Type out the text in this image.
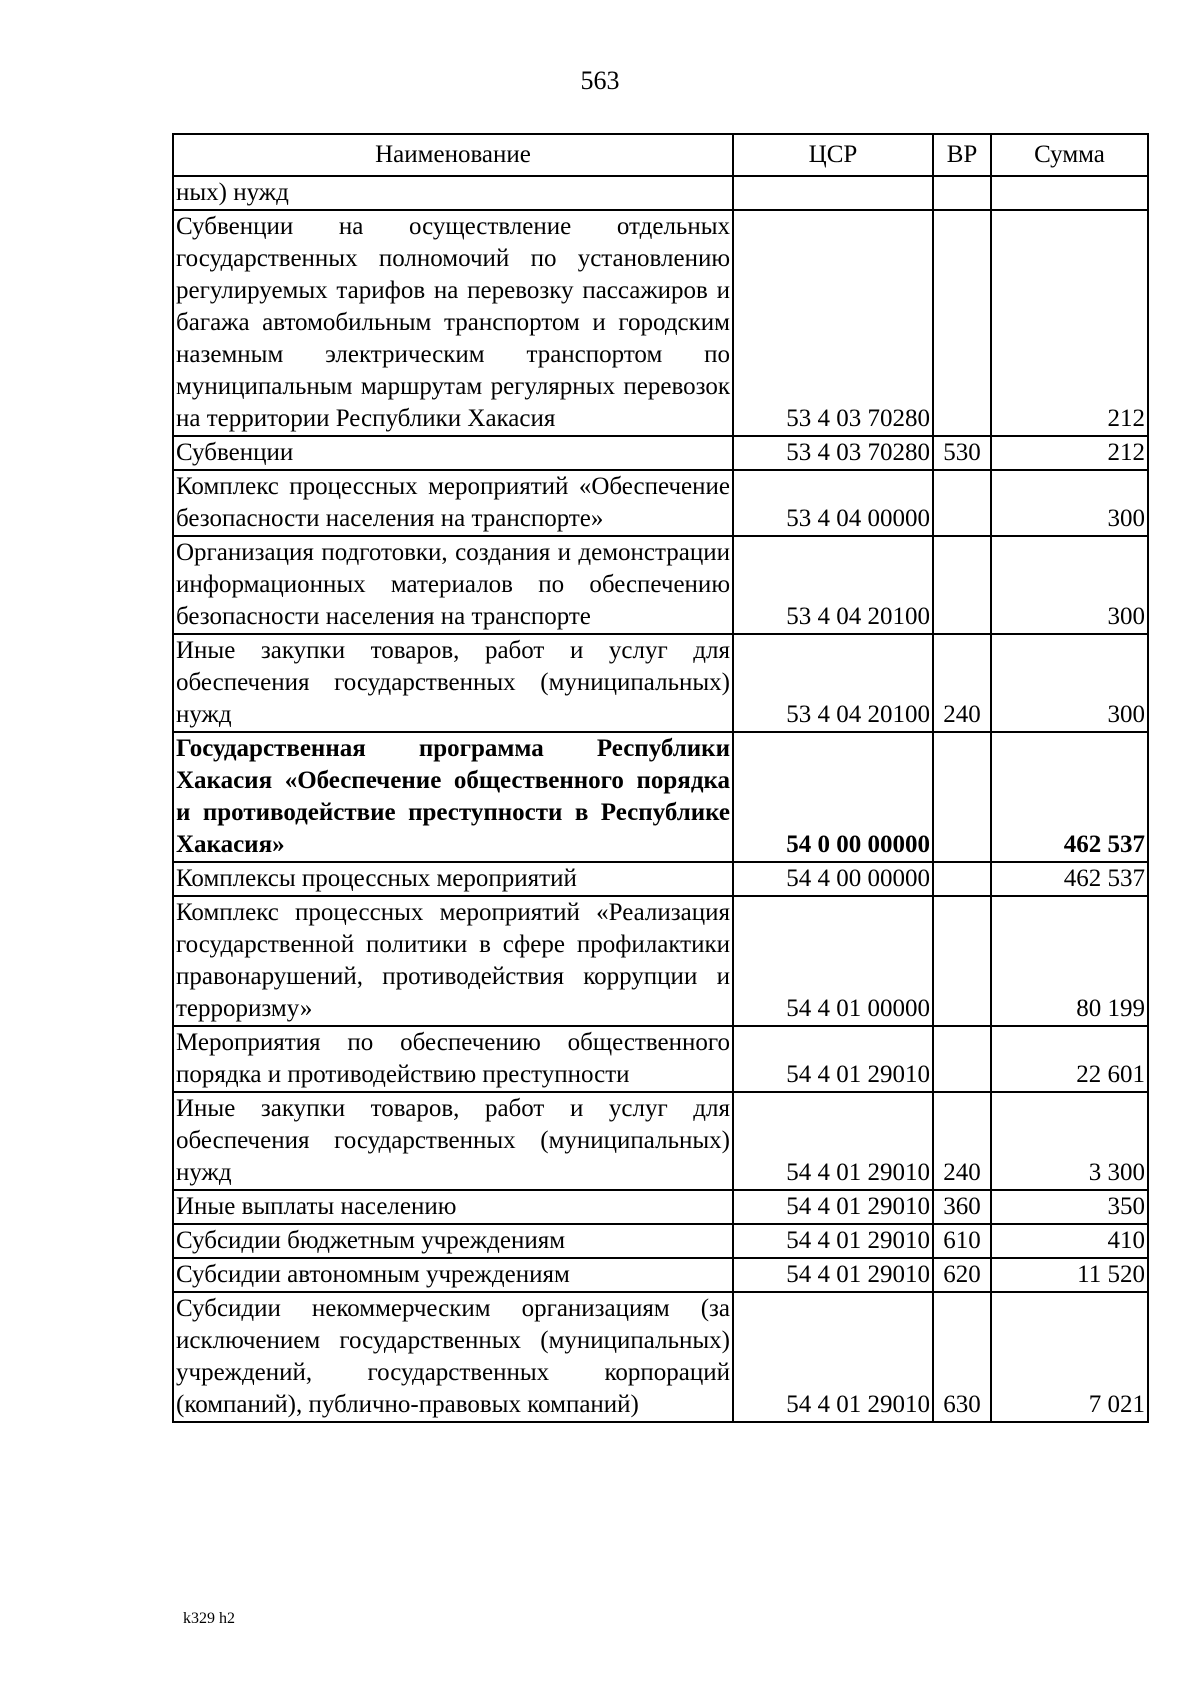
563
Наименование	ЦСР	ВР	Сумма
ных) нужд			
Субвенции на осуществление отдельных государственных полномочий по установлению регулируемых тарифов на перевозку пассажиров и багажа автомобильным транспортом и городским наземным электрическим транспортом по муниципальным маршрутам регулярных перевозок на территории Республики Хакасия	53 4 03 70280		212
Субвенции	53 4 03 70280	530	212
Комплекс процессных мероприятий «Обеспечение безопасности населения на транспорте»	53 4 04 00000		300
Организация подготовки, создания и демонстрации информационных материалов по обеспечению безопасности населения на транспорте	53 4 04 20100		300
Иные закупки товаров, работ и услуг для обеспечения государственных (муниципальных) нужд	53 4 04 20100	240	300
Государственная программа Республики Хакасия «Обеспечение общественного порядка и противодействие преступности в Республике Хакасия»	54 0 00 00000		462 537
Комплексы процессных мероприятий	54 4 00 00000		462 537
Комплекс процессных мероприятий «Реализация государственной политики в сфере профилактики правонарушений, противодействия коррупции и терроризму»	54 4 01 00000		80 199
Мероприятия по обеспечению общественного порядка и противодействию преступности	54 4 01 29010		22 601
Иные закупки товаров, работ и услуг для обеспечения государственных (муниципальных) нужд	54 4 01 29010	240	3 300
Иные выплаты населению	54 4 01 29010	360	350
Субсидии бюджетным учреждениям	54 4 01 29010	610	410
Субсидии автономным учреждениям	54 4 01 29010	620	11 520
Субсидии некоммерческим организациям (за исключением государственных (муниципальных) учреждений, государственных корпораций (компаний), публично-правовых компаний)	54 4 01 29010	630	7 021
k329 h2
